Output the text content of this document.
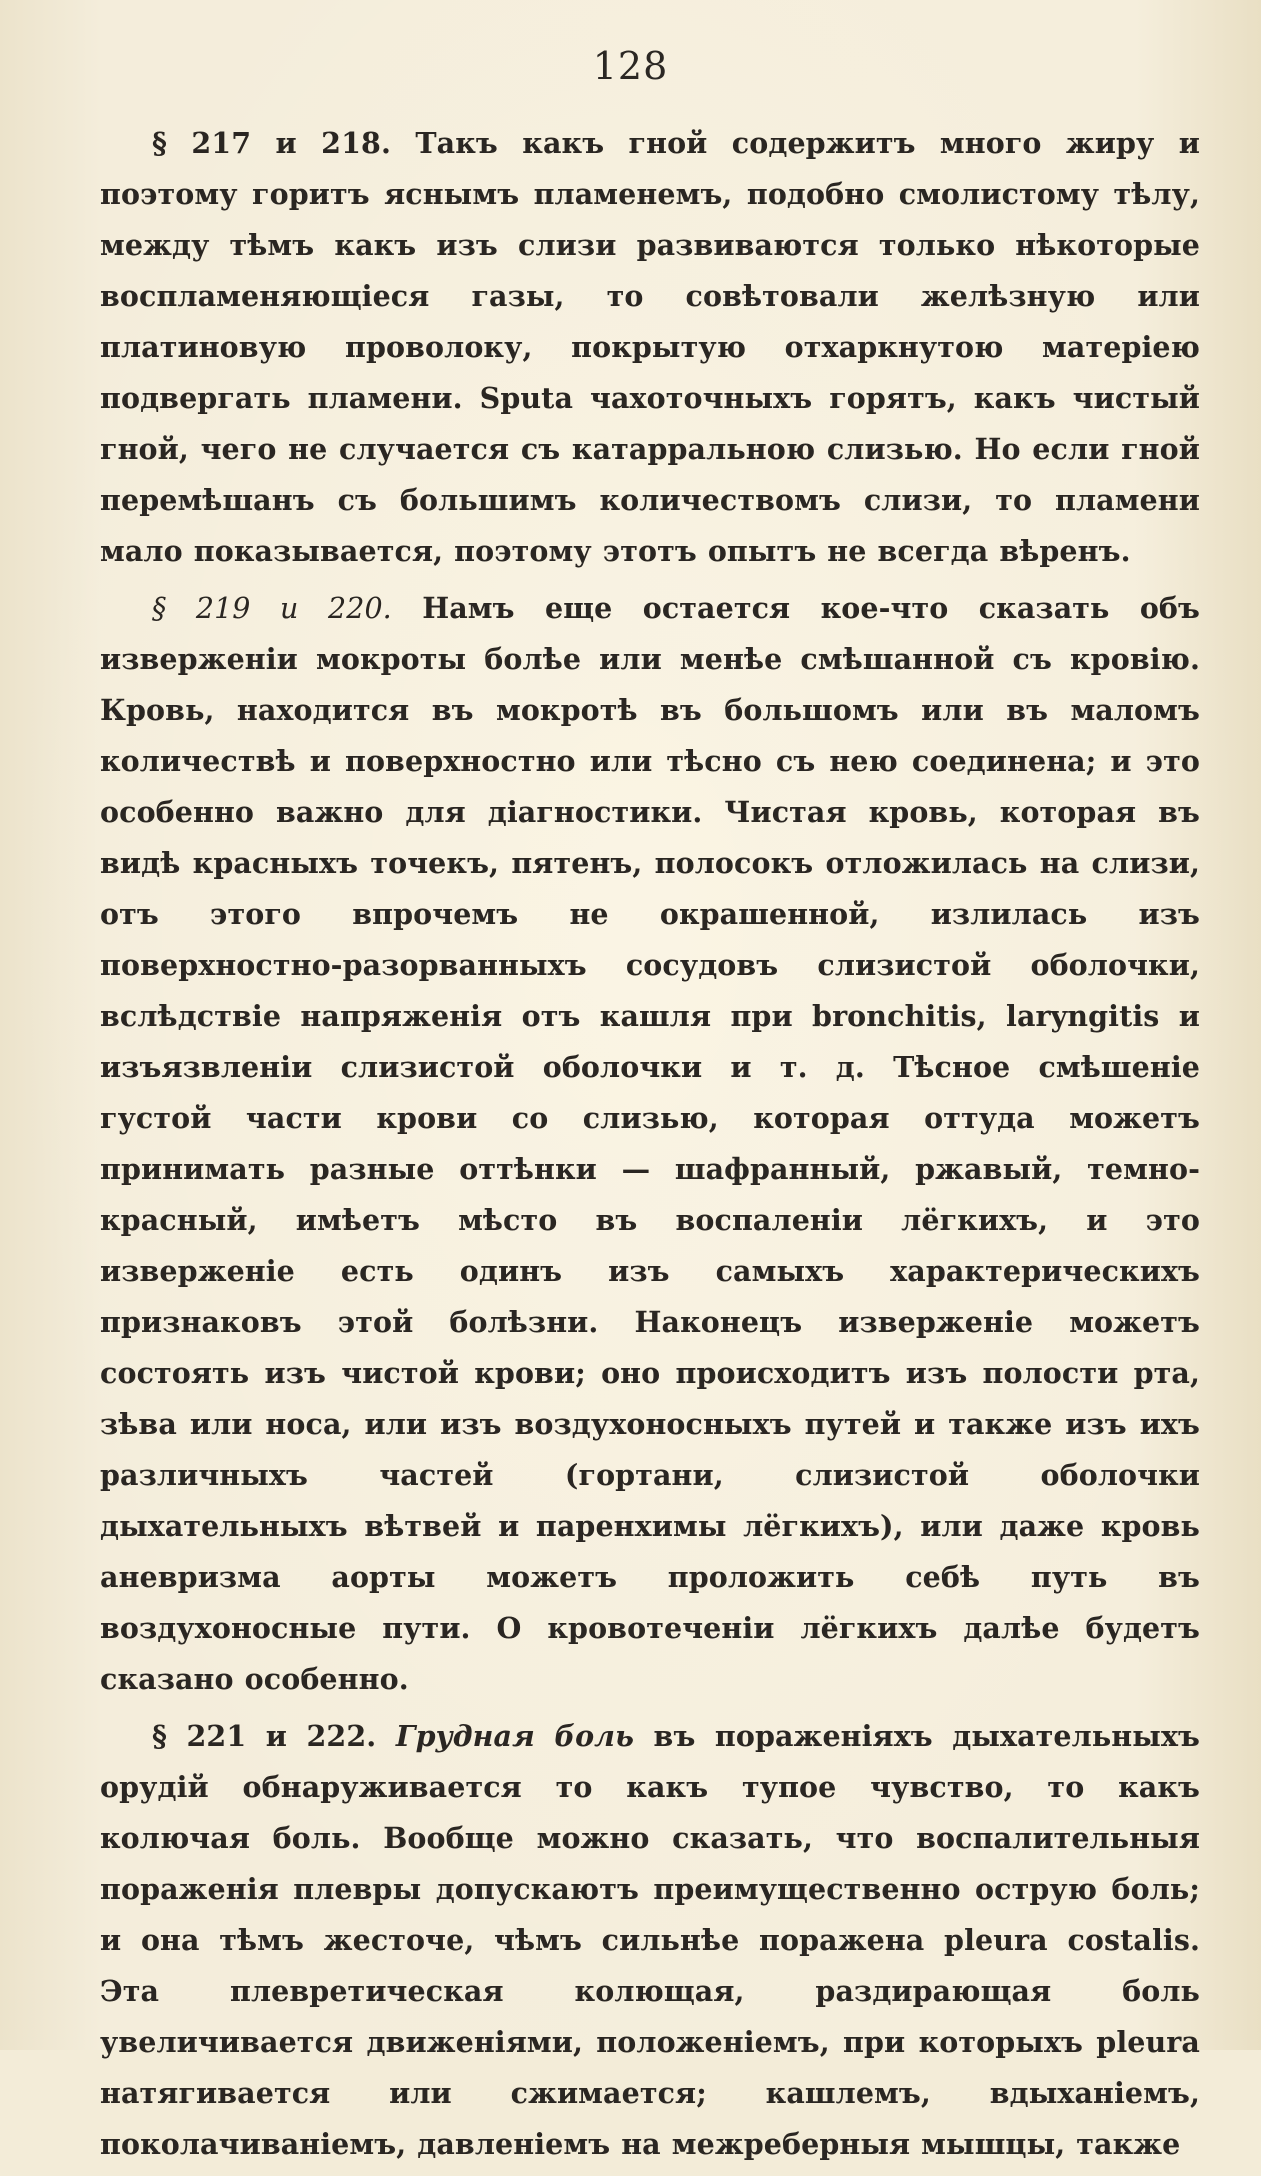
128

§ 217 и 218. Такъ какъ гной содержитъ много жиру и поэтому горитъ яснымъ пламенемъ, подобно смолистому тѣлу, между тѣмъ какъ изъ слизи развиваются только нѣкоторые воспламеняющіеся газы, то совѣтовали желѣзную или платиновую проволоку, покрытую отхаркнутою матеріею подвергать пламени. Sputa чахоточныхъ горятъ, какъ чистый гной, чего не случается съ катарральною слизью. Но если гной перемѣшанъ съ большимъ количествомъ слизи, то пламени мало показывается, поэтому этотъ опытъ не всегда вѣренъ.

§ 219 и 220. Намъ еще остается кое-что сказать объ изверженіи мокроты болѣе или менѣе смѣшанной съ кровію. Кровь, находится въ мокротѣ въ большомъ или въ маломъ количествѣ и поверхностно или тѣсно съ нею соединена; и это особенно важно для діагностики. Чистая кровь, которая въ видѣ красныхъ точекъ, пятенъ, полосокъ отложилась на слизи, отъ этого впрочемъ не окрашенной, излилась изъ поверхностно-разорванныхъ сосудовъ слизистой оболочки, вслѣдствіе напряженія отъ кашля при bronchitis, laryngitis и изъязвленіи слизистой оболочки и т. д. Тѣсное смѣшеніе густой части крови со слизью, которая оттуда можетъ принимать разные оттѣнки — шафранный, ржавый, темно-красный, имѣетъ мѣсто въ воспаленіи лёгкихъ, и это изверженіе есть одинъ изъ самыхъ характерическихъ признаковъ этой болѣзни. Наконецъ изверженіе можетъ состоять изъ чистой крови; оно происходитъ изъ полости рта, зѣва или носа, или изъ воздухоносныхъ путей и также изъ ихъ различныхъ частей (гортани, слизистой оболочки дыхательныхъ вѣтвей и паренхимы лёгкихъ), или даже кровь аневризма аорты можетъ проложить себѣ путь въ воздухоносные пути. О кровотеченіи лёгкихъ далѣе будетъ сказано особенно.

§ 221 и 222. Грудная боль въ пораженіяхъ дыхательныхъ орудій обнаруживается то какъ тупое чувство, то какъ колючая боль. Вообще можно сказать, что воспалительныя пораженія плевры допускаютъ преимущественно острую боль; и она тѣмъ жесточе, чѣмъ сильнѣе поражена pleura costalis. Эта плевретическая колющая, раздирающая боль увеличивается движеніями, положеніемъ, при которыхъ pleura натягивается или сжимается; кашлемъ, вдыханіемъ, поколачиваніемъ, давленіемъ на межреберныя мышцы, также
